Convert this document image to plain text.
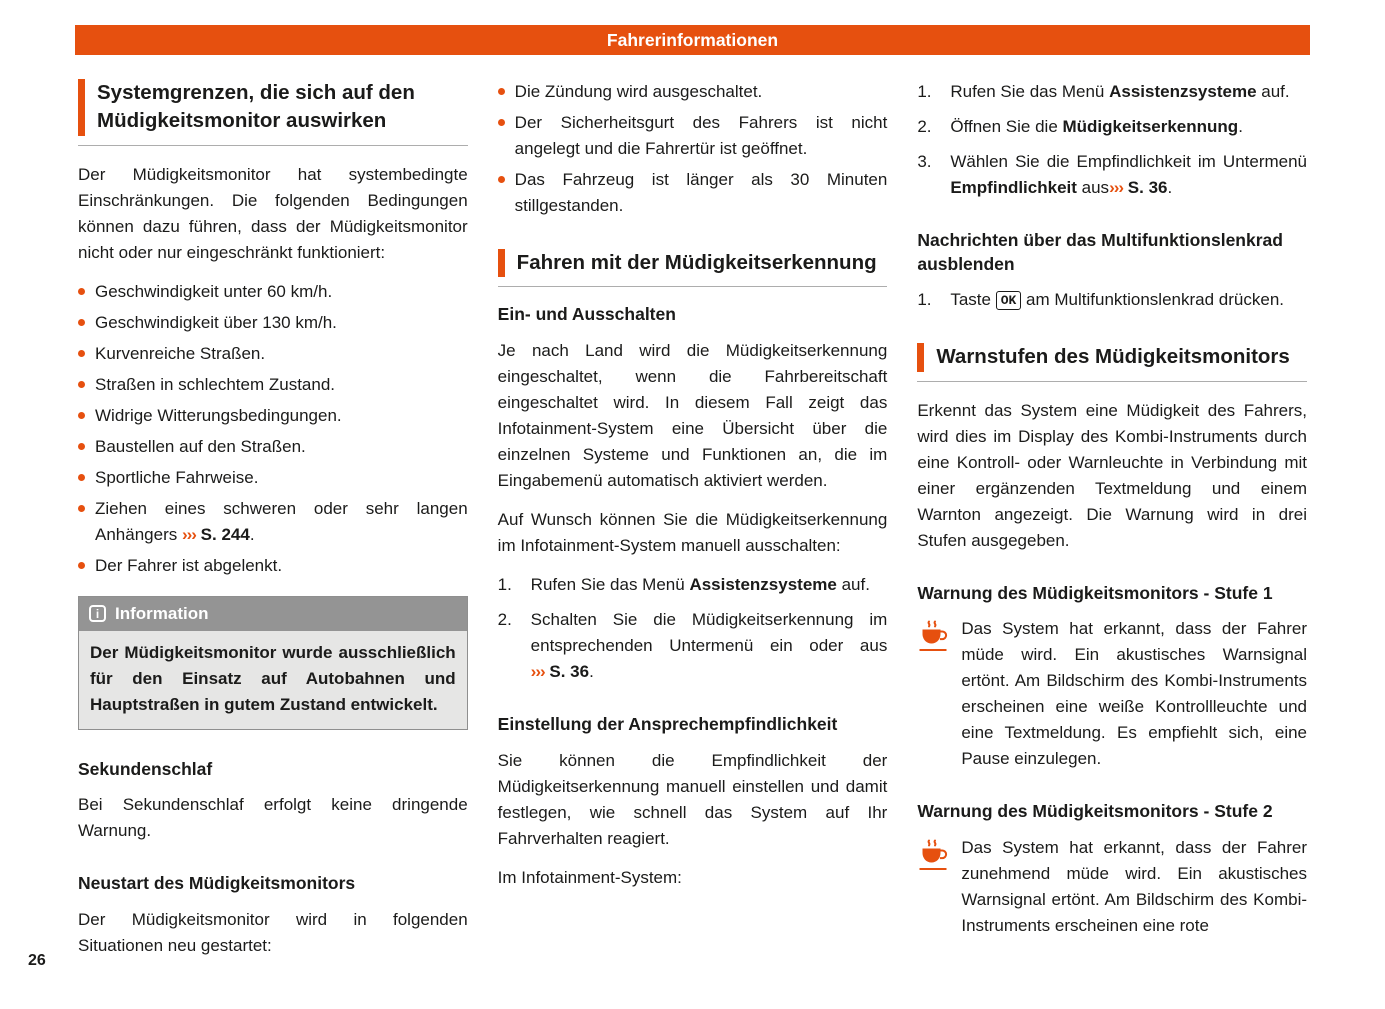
Fahrerinformationen
Systemgrenzen, die sich auf den Müdigkeitsmonitor auswirken

Der Müdigkeitsmonitor hat systembedingte Einschränkungen. Die folgenden Bedingungen können dazu führen, dass der Müdigkeitsmonitor nicht oder nur eingeschränkt funktioniert:

Geschwindigkeit unter 60 km/h.
Geschwindigkeit über 130 km/h.
Kurvenreiche Straßen.
Straßen in schlechtem Zustand.
Widrige Witterungsbedingungen.
Baustellen auf den Straßen.
Sportliche Fahrweise.
Ziehen eines schweren oder sehr langen Anhängers ››› S. 244.
Der Fahrer ist abgelenkt.
i Information
Der Müdigkeitsmonitor wurde ausschließlich für den Einsatz auf Autobahnen und Hauptstraßen in gutem Zustand entwickelt.
Sekundenschlaf

Bei Sekundenschlaf erfolgt keine dringende Warnung.

Neustart des Müdigkeitsmonitors

Der Müdigkeitsmonitor wird in folgenden Situationen neu gestartet:

Die Zündung wird ausgeschaltet.
Der Sicherheitsgurt des Fahrers ist nicht angelegt und die Fahrertür ist geöffnet.
Das Fahrzeug ist länger als 30 Minuten stillgestanden.
Fahren mit der Müdigkeitserkennung
Ein- und Ausschalten

Je nach Land wird die Müdigkeitserkennung eingeschaltet, wenn die Fahrbereitschaft eingeschaltet wird. In diesem Fall zeigt das Infotainment-System eine Übersicht über die einzelnen Systeme und Funktionen an, die im Eingabemenü automatisch aktiviert werden.

Auf Wunsch können Sie die Müdigkeitserkennung im Infotainment-System manuell ausschalten:

1.	Rufen Sie das Menü Assistenzsysteme auf.
2.	Schalten Sie die Müdigkeitserkennung im entsprechenden Untermenü ein oder aus ››› S. 36.
Einstellung der Ansprechempfindlichkeit

Sie können die Empfindlichkeit der Müdigkeitserkennung manuell einstellen und damit festlegen, wie schnell das System auf Ihr Fahrverhalten reagiert.

Im Infotainment-System:

1.	Rufen Sie das Menü Assistenzsysteme auf.
2.	Öffnen Sie die Müdigkeitserkennung.
3.	Wählen Sie die Empfindlichkeit im Untermenü Empfindlichkeit aus››› S. 36.
Nachrichten über das Multifunktionslenkrad ausblenden
1.	Taste OK am Multifunktionslenkrad drücken.
Warnstufen des Müdigkeitsmonitors

Erkennt das System eine Müdigkeit des Fahrers, wird dies im Display des Kombi-Instruments durch eine Kontroll- oder Warnleuchte in Verbindung mit einer ergänzenden Textmeldung und einem Warnton angezeigt. Die Warnung wird in drei Stufen ausgegeben.

Warnung des Müdigkeitsmonitors - Stufe 1
Das System hat erkannt, dass der Fahrer müde wird. Ein akustisches Warnsignal ertönt. Am Bildschirm des Kombi-Instruments erscheinen eine weiße Kontrollleuchte und eine Textmeldung. Es empfiehlt sich, eine Pause einzulegen.
Warnung des Müdigkeitsmonitors - Stufe 2
Das System hat erkannt, dass der Fahrer zunehmend müde wird. Ein akustisches Warnsignal ertönt. Am Bildschirm des Kombi-Instruments erscheinen eine rote
26
